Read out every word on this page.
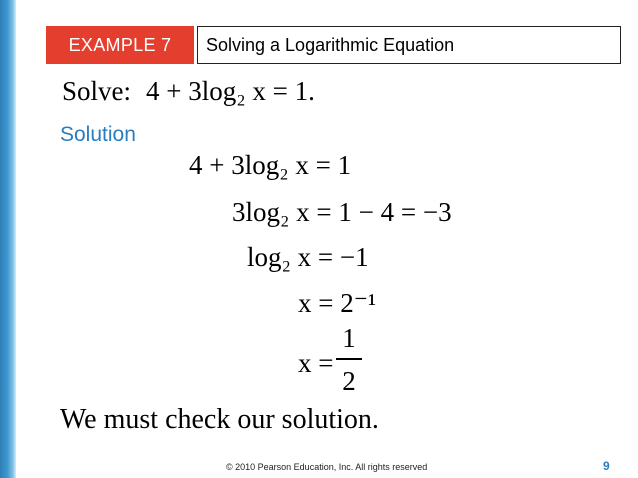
EXAMPLE 7	Solving a Logarithmic Equation
Solve: 4 + 3log₂ x = 1.
Solution
4 + 3log₂ x = 1
3log₂ x = 1 − 4 = −3
log₂ x = −1
x = 2⁻¹
x =
1
2
We must check our solution.
© 2010 Pearson Education, Inc. All rights reserved	9
